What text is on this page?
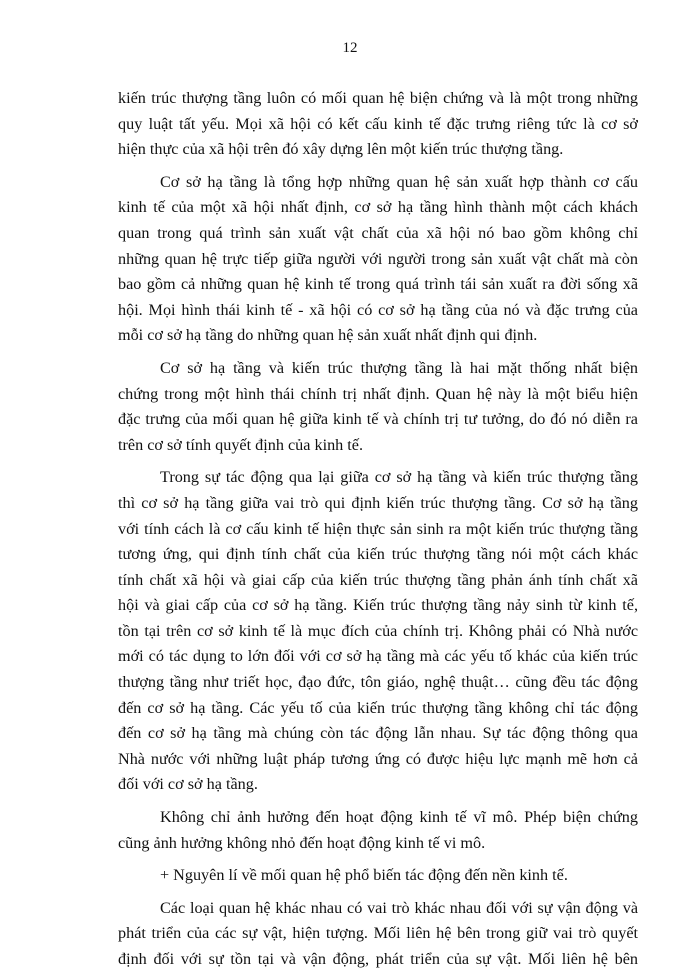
12
kiến trúc thượng tầng luôn có mối quan hệ biện chứng và là một trong những
quy luật tất yếu. Mọi xã hội có kết cấu kinh tế đặc trưng riêng tức là cơ sở
hiện thực của xã hội trên đó xây dựng lên một kiến trúc thượng tầng.
Cơ sở hạ tầng là tổng hợp những quan hệ sản xuất hợp thành cơ cấu
kinh tế của một xã hội nhất định, cơ sở hạ tầng hình thành một cách khách
quan trong quá trình sản xuất vật chất của xã hội nó bao gồm không chỉ
những quan hệ trực tiếp giữa người với người trong sản xuất vật chất mà còn
bao gồm cả những quan hệ kinh tế trong quá trình tái sản xuất ra đời sống xã
hội. Mọi hình thái kinh tế - xã hội có cơ sở hạ tầng của nó và đặc trưng của
mỗi cơ sở hạ tầng do những quan hệ sản xuất nhất định qui định.
Cơ sở hạ tầng và kiến trúc thượng tầng là hai mặt thống nhất biện
chứng trong một hình thái chính trị nhất định. Quan hệ này là một biểu hiện
đặc trưng của mối quan hệ giữa kinh tế và chính trị tư tưởng, do đó nó diễn ra
trên cơ sở tính quyết định của kinh tế.
Trong sự tác động qua lại giữa cơ sở hạ tầng và kiến trúc thượng tầng
thì cơ sở hạ tầng giữa vai trò qui định kiến trúc thượng tầng. Cơ sở hạ tầng
với tính cách là cơ cấu kinh tế hiện thực sản sinh ra một kiến trúc thượng tầng
tương ứng, qui định tính chất của kiến trúc thượng tầng nói một cách khác
tính chất xã hội và giai cấp của kiến trúc thượng tầng phản ánh tính chất xã
hội và giai cấp của cơ sở hạ tầng. Kiến trúc thượng tầng nảy sinh từ kinh tế,
tồn tại trên cơ sở kinh tế là mục đích của chính trị. Không phải có Nhà nước
mới có tác dụng to lớn đối với cơ sở hạ tầng mà các yếu tố khác của kiến trúc
thượng tầng như triết học, đạo đức, tôn giáo, nghệ thuật… cũng đều tác động
đến cơ sở hạ tầng. Các yếu tố của kiến trúc thượng tầng không chỉ tác động
đến cơ sở hạ tầng mà chúng còn tác động lẫn nhau. Sự tác động thông qua
Nhà nước với những luật pháp tương ứng có được hiệu lực mạnh mẽ hơn cả
đối với cơ sở hạ tầng.
Không chỉ ảnh hưởng đến hoạt động kinh tế vĩ mô. Phép biện chứng
cũng ảnh hưởng không nhỏ đến hoạt động kinh tế vi mô.
+ Nguyên lí về mối quan hệ phổ biến tác động đến nền kinh tế.
Các loại quan hệ khác nhau có vai trò khác nhau đối với sự vận động và
phát triển của các sự vật, hiện tượng. Mối liên hệ bên trong giữ vai trò quyết
định đối với sự tồn tại và vận động, phát triển của sự vật. Mối liên hệ bên
